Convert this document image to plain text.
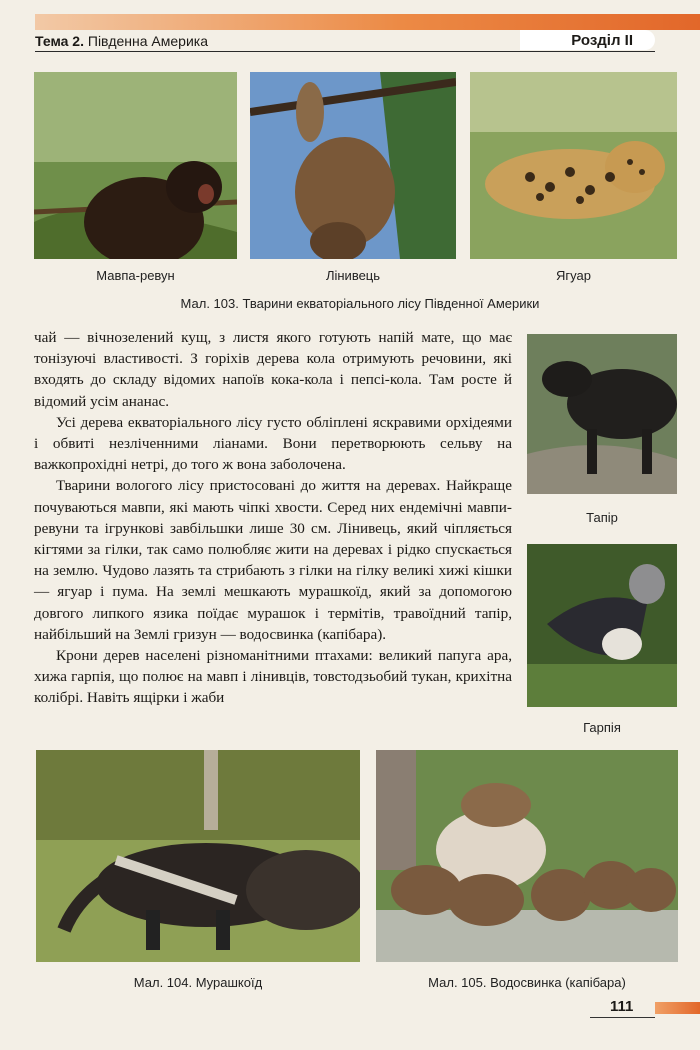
Тема 2. Південна Америка	Розділ II
Мавпа-ревун	Лінивець	Ягуар
Мал. 103. Тварини екваторіального лісу Південної Америки

чай — вічнозелений кущ, з листя якого готують напій мате, що має тонізуючі властивості. З горіхів дерева кола отримують речовини, які входять до складу відомих напоїв кока-кола і пепсі-кола. Там росте й відомий усім ананас.

Усі дерева екваторіального лісу густо обліплені яскравими орхідеями і обвиті незліченними ліанами. Вони перетворюють сельву на важкопрохідні нетрі, до того ж вона заболочена.

Тварини вологого лісу пристосовані до життя на деревах. Найкраще почуваються мавпи, які мають чіпкі хвости. Серед них ендемічні мавпи-ревуни та ігрункові завбільшки лише 30 см. Лінивець, який чіпляється кігтями за гілки, так само полюбляє жити на деревах і рідко спускається на землю. Чудово лазять та стрибають з гілки на гілку великі хижі кішки — ягуар і пума. На землі мешкають мурашкоїд, який за допомогою довгого липкого язика поїдає мурашок і термітів, травоїдний тапір, найбільший на Землі гризун — водосвинка (капібара).

Крони дерев населені різноманітними птахами: великий папуга ара, хижа гарпія, що полює на мавп і лінивців, товстодзьобий тукан, крихітна колібрі. Навіть ящірки і жаби

Тапір
Гарпія
Мал. 104. Мурашкоїд	Мал. 105. Водосвинка (капібара)
111
